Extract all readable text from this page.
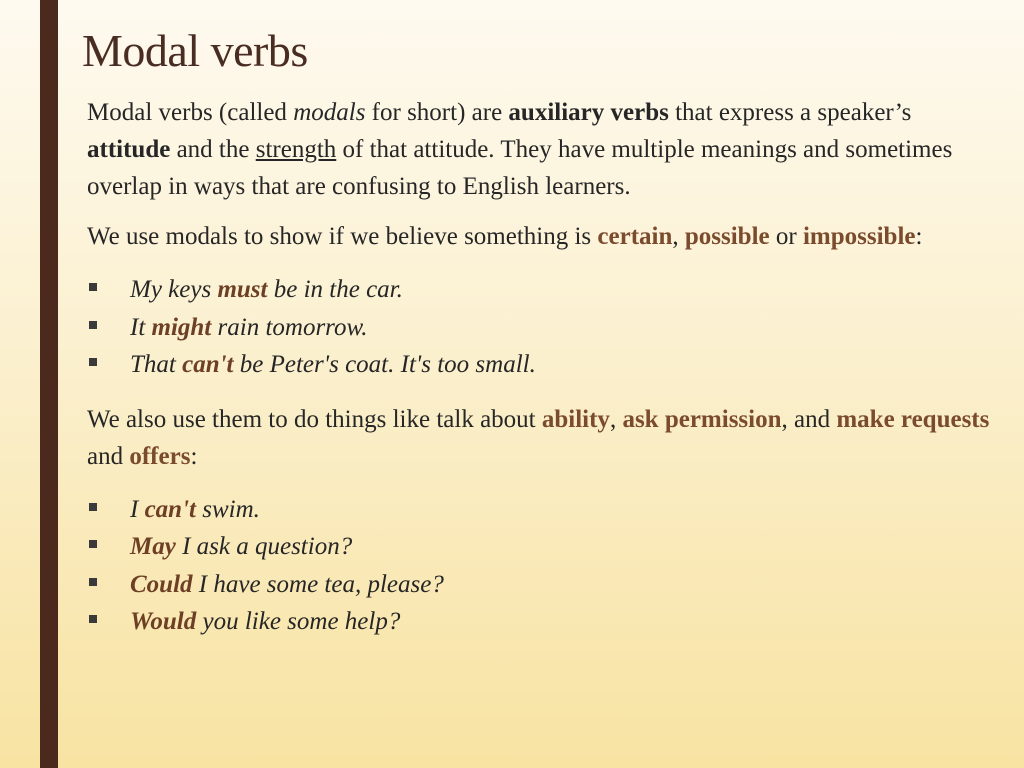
Modal verbs

Modal verbs (called modals for short) are auxiliary verbs that express a speaker’s attitude and the strength of that attitude. They have multiple meanings and sometimes overlap in ways that are confusing to English learners.

We use modals to show if we believe something is certain, possible or impossible:

My keys must be in the car.
It might rain tomorrow.
That can't be Peter's coat. It's too small.

We also use them to do things like talk about ability, ask permission, and make requests and offers:

I can't swim.
May I ask a question?
Could I have some tea, please?
Would you like some help?
